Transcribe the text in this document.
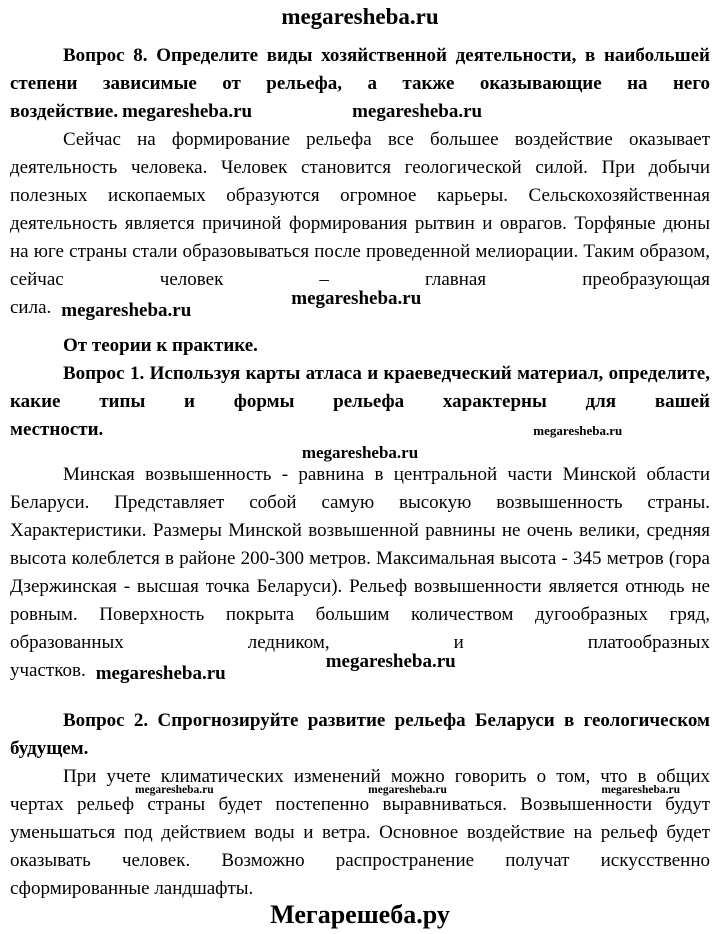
megaresheba.ru

Вопрос 8. Определите виды хозяйственной деятельности, в наибольшей степени зависимые от рельефа, а также оказывающие на него воздействие. megaresheba.ru	megaresheba.ru

Сейчас на формирование рельефа все большее воздействие оказывает деятельность человека. Человек становится геологической силой. При добычи полезных ископаемых образуются огромное карьеры. Сельскохозяйственная деятельность является причиной формирования рытвин и оврагов. Торфяные дюны на юге страны стали образовываться после проведенной мелиорации. Таким образом, сейчас человек – главная преобразующая сила. megaresheba.rumegaresheba.ru

От теории к практике.

Вопрос 1. Используя карты атласа и краеведческий материал, определите, какие типы и формы рельефа характерны для вашей местности.	megaresheba.ru

megaresheba.ru

Минская возвышенность - равнина в центральной части Минской области Беларуси. Представляет собой самую высокую возвышенность страны. Характеристики. Размеры Минской возвышенной равнины не очень велики, средняя высота колеблется в районе 200-300 метров. Максимальная высота - 345 метров (гора Дзержинская - высшая точка Беларуси). Рельеф возвышенности является отнюдь не ровным. Поверхность покрыта большим количеством дугообразных гряд, образованных ледником, и платообразных участков. megaresheba.rumegaresheba.ru

Вопрос 2. Спрогнозируйте развитие рельефа Беларуси в геологическом будущем.

megaresheba.ru	megaresheba.ru	megaresheba.ru
При учете климатических изменений можно говорить о том, что в общих чертах рельеф страны будет постепенно выравниваться. Возвышенности будут уменьшаться под действием воды и ветра. Основное воздействие на рельеф будет оказывать человек. Возможно распространение получат искусственно сформированные ландшафты.

Мегарешеба.ру
